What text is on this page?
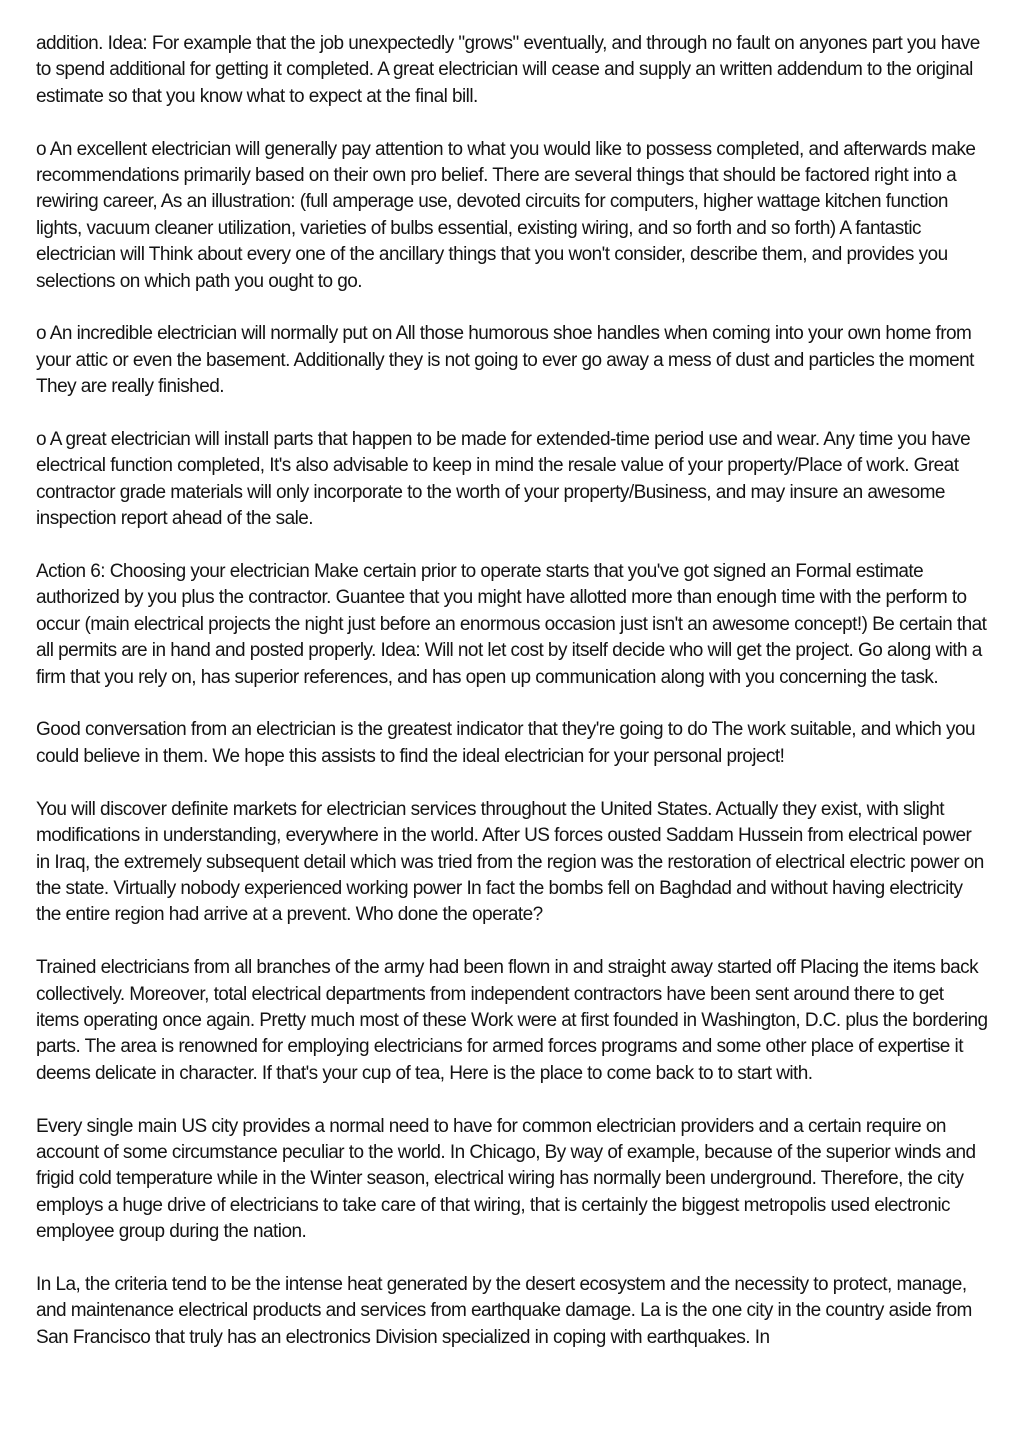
addition. Idea: For example that the job unexpectedly "grows" eventually, and through no fault on anyones part you have to spend additional for getting it completed. A great electrician will cease and supply an written addendum to the original estimate so that you know what to expect at the final bill.

o An excellent electrician will generally pay attention to what you would like to possess completed, and afterwards make recommendations primarily based on their own pro belief. There are several things that should be factored right into a rewiring career, As an illustration: (full amperage use, devoted circuits for computers, higher wattage kitchen function lights, vacuum cleaner utilization, varieties of bulbs essential, existing wiring, and so forth and so forth) A fantastic electrician will Think about every one of the ancillary things that you won't consider, describe them, and provides you selections on which path you ought to go.

o An incredible electrician will normally put on All those humorous shoe handles when coming into your own home from your attic or even the basement. Additionally they is not going to ever go away a mess of dust and particles the moment They are really finished.

o A great electrician will install parts that happen to be made for extended-time period use and wear. Any time you have electrical function completed, It's also advisable to keep in mind the resale value of your property/Place of work. Great contractor grade materials will only incorporate to the worth of your property/Business, and may insure an awesome inspection report ahead of the sale.

Action 6: Choosing your electrician Make certain prior to operate starts that you've got signed an Formal estimate authorized by you plus the contractor. Guantee that you might have allotted more than enough time with the perform to occur (main electrical projects the night just before an enormous occasion just isn't an awesome concept!) Be certain that all permits are in hand and posted properly. Idea: Will not let cost by itself decide who will get the project. Go along with a firm that you rely on, has superior references, and has open up communication along with you concerning the task.

Good conversation from an electrician is the greatest indicator that they're going to do The work suitable, and which you could believe in them. We hope this assists to find the ideal electrician for your personal project!

You will discover definite markets for electrician services throughout the United States. Actually they exist, with slight modifications in understanding, everywhere in the world. After US forces ousted Saddam Hussein from electrical power in Iraq, the extremely subsequent detail which was tried from the region was the restoration of electrical electric power on the state. Virtually nobody experienced working power In fact the bombs fell on Baghdad and without having electricity the entire region had arrive at a prevent. Who done the operate?

Trained electricians from all branches of the army had been flown in and straight away started off Placing the items back collectively. Moreover, total electrical departments from independent contractors have been sent around there to get items operating once again. Pretty much most of these Work were at first founded in Washington, D.C. plus the bordering parts. The area is renowned for employing electricians for armed forces programs and some other place of expertise it deems delicate in character. If that's your cup of tea, Here is the place to come back to to start with.

Every single main US city provides a normal need to have for common electrician providers and a certain require on account of some circumstance peculiar to the world. In Chicago, By way of example, because of the superior winds and frigid cold temperature while in the Winter season, electrical wiring has normally been underground. Therefore, the city employs a huge drive of electricians to take care of that wiring, that is certainly the biggest metropolis used electronic employee group during the nation.

In La, the criteria tend to be the intense heat generated by the desert ecosystem and the necessity to protect, manage, and maintenance electrical products and services from earthquake damage. La is the one city in the country aside from San Francisco that truly has an electronics Division specialized in coping with earthquakes. In
